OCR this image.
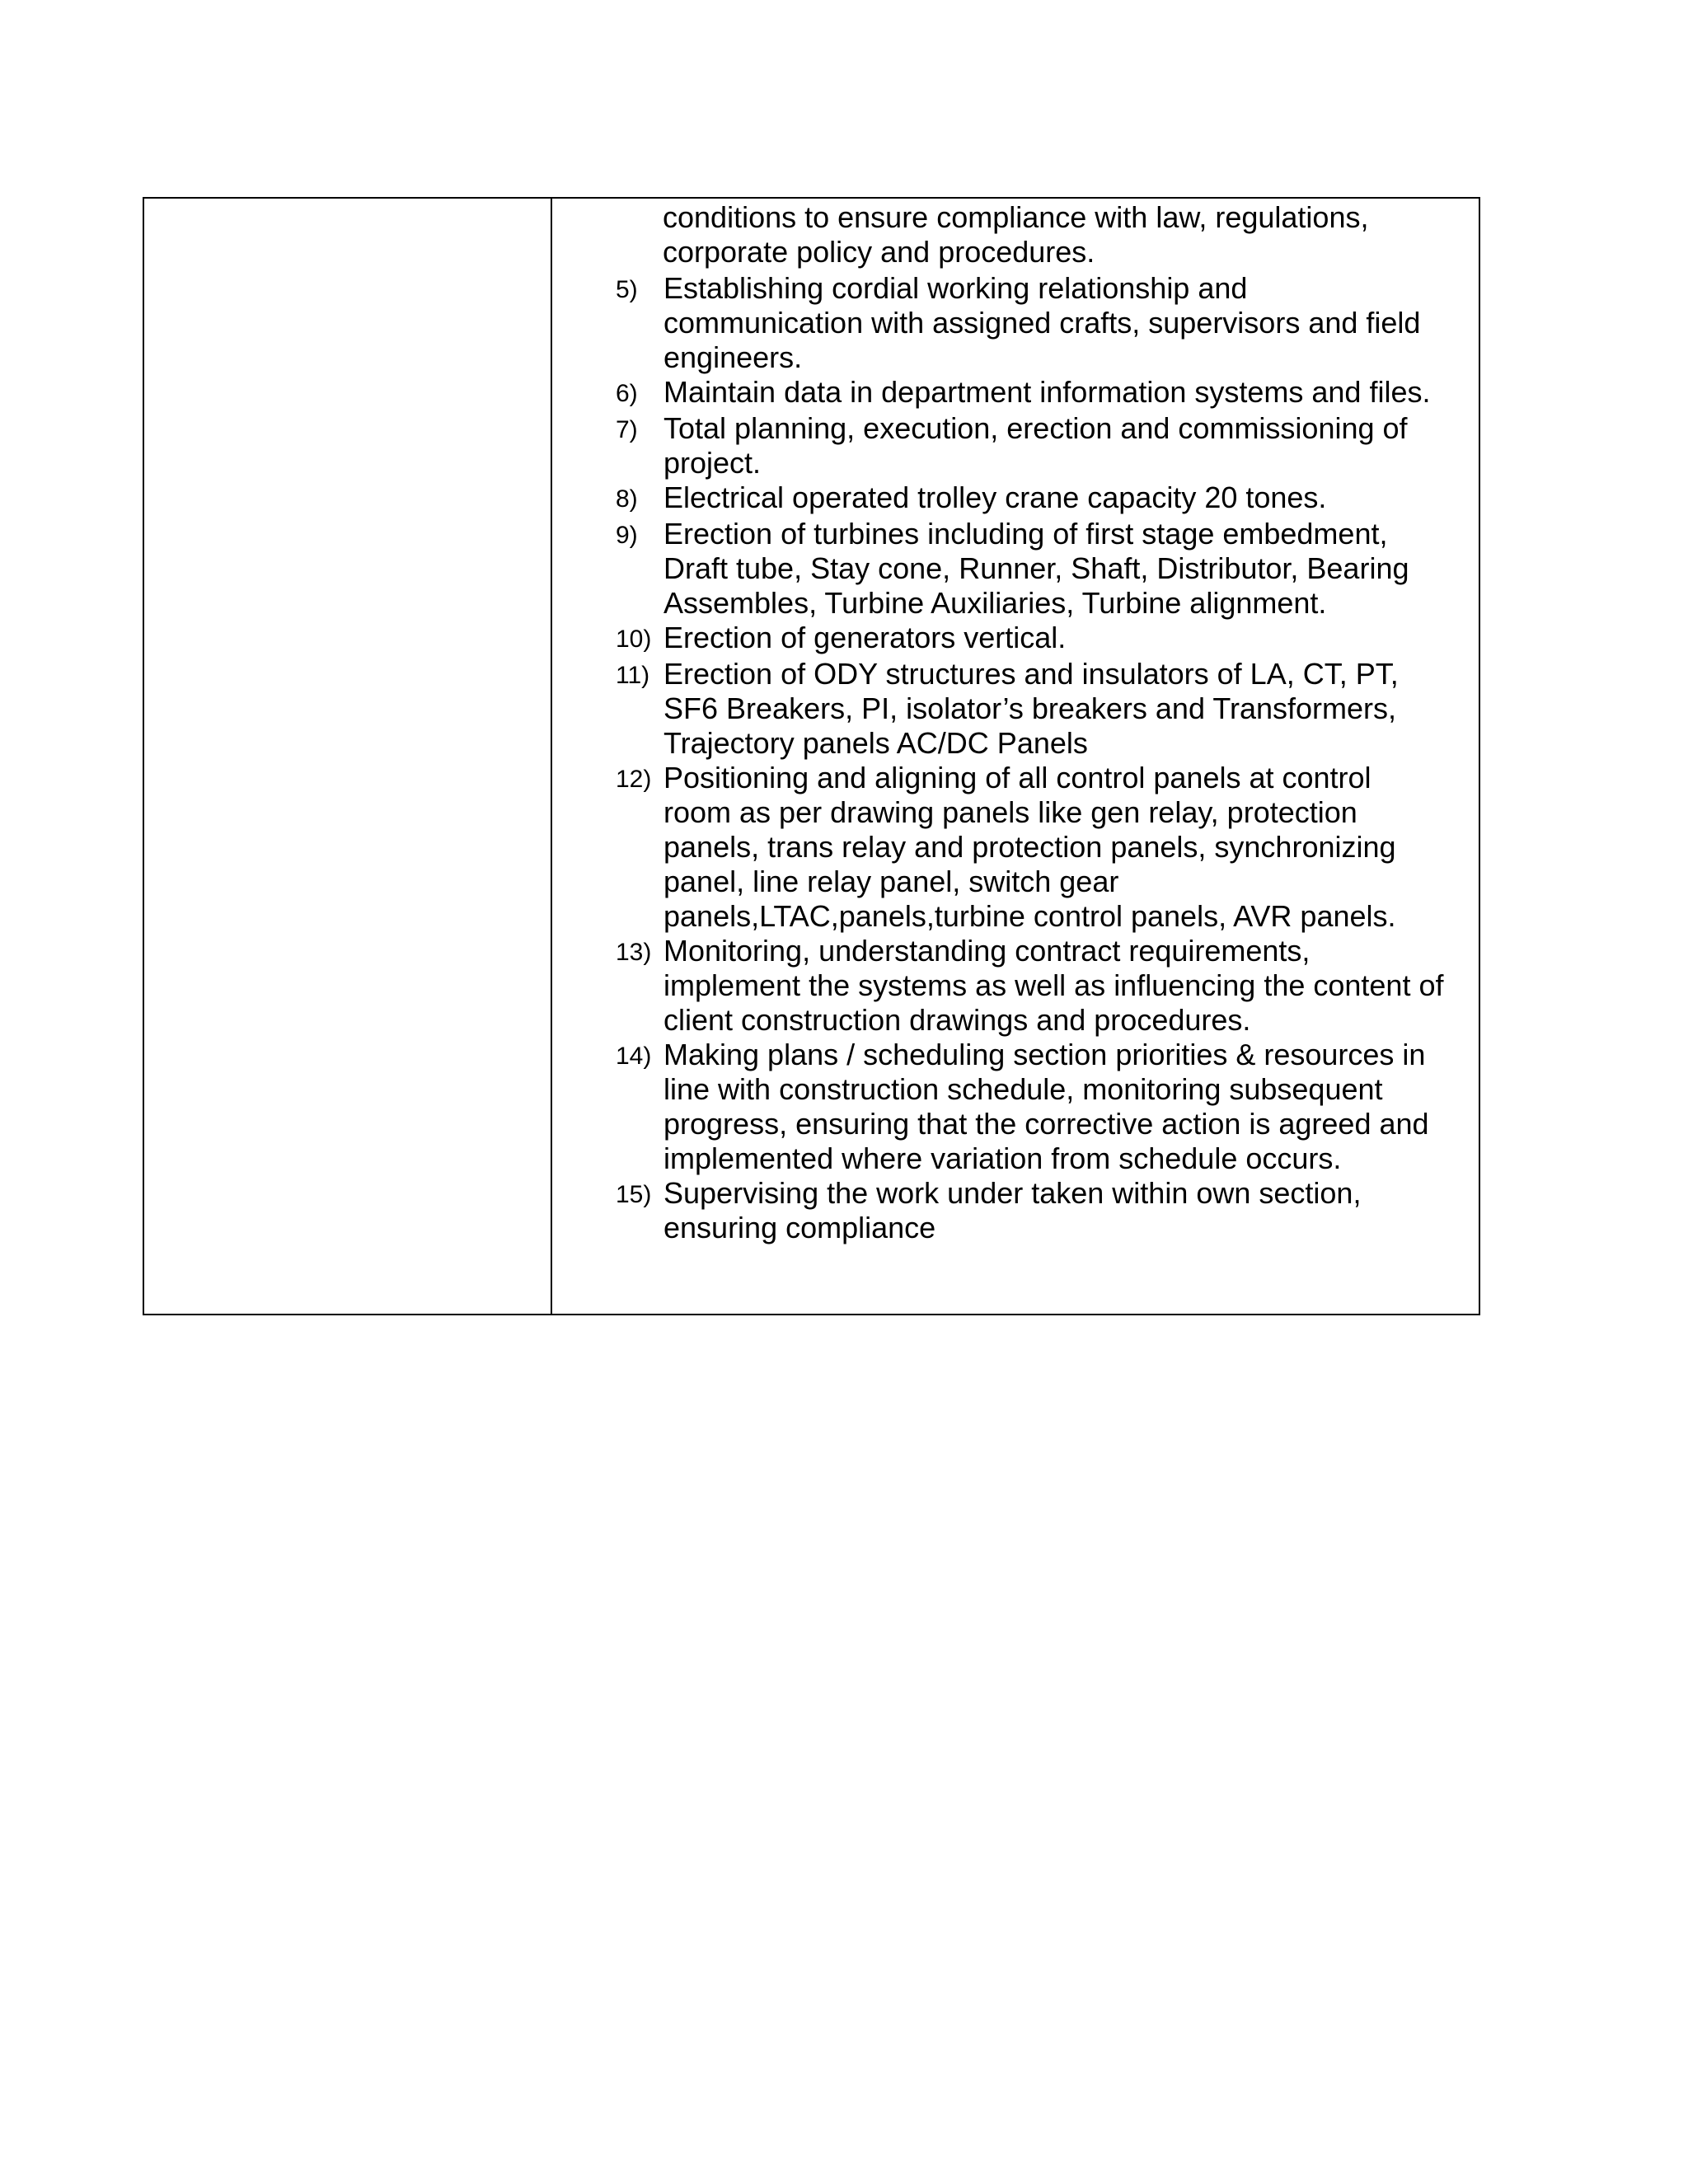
conditions to ensure compliance with law, regulations,
corporate policy and procedures.
5) Establishing cordial working relationship and
communication with assigned crafts, supervisors and field
engineers.
6) Maintain data in department information systems and files.
7) Total planning, execution, erection and commissioning of
project.
8) Electrical operated trolley crane capacity 20 tones.
9) Erection of turbines including of first stage embedment,
Draft tube, Stay cone, Runner, Shaft, Distributor, Bearing
Assembles, Turbine Auxiliaries, Turbine alignment.
10) Erection of generators vertical.
11) Erection of ODY structures and insulators of LA, CT, PT,
SF6 Breakers, PI, isolator’s breakers and Transformers,
Trajectory panels AC/DC Panels
12) Positioning and aligning of all control panels at control
room as per drawing panels like gen relay, protection
panels, trans relay and protection panels, synchronizing
panel, line relay panel, switch gear
panels,LTAC,panels,turbine control panels, AVR panels.
13) Monitoring, understanding contract requirements,
implement the systems as well as influencing the content of
client construction drawings and procedures.
14) Making plans / scheduling section priorities & resources in
line with construction schedule, monitoring subsequent
progress, ensuring that the corrective action is agreed and
implemented where variation from schedule occurs.
15) Supervising the work under taken within own section,
ensuring compliance
